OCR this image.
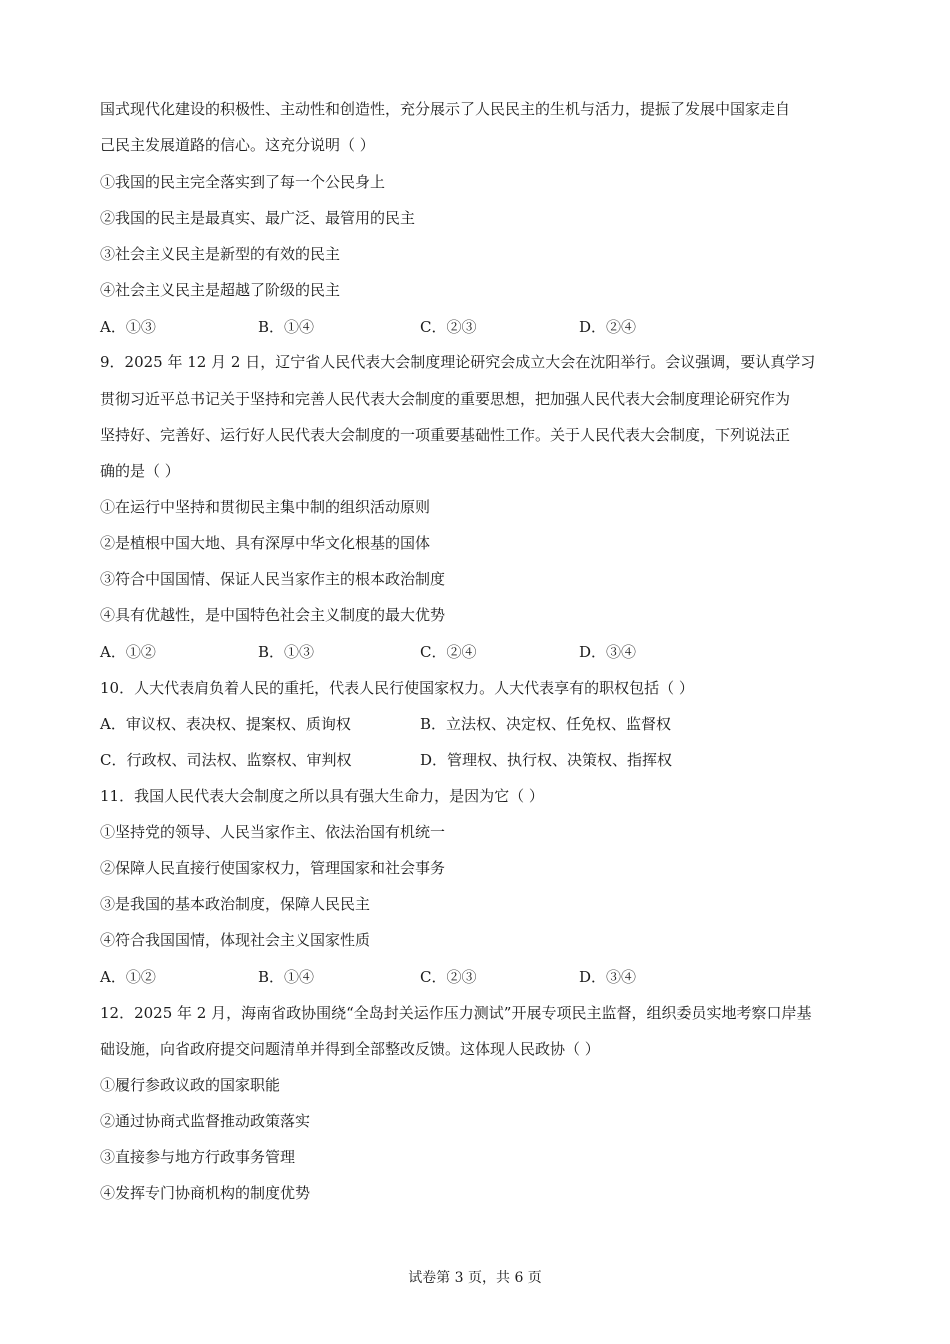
国式现代化建设的积极性、主动性和创造性，充分展示了人民民主的生机与活力，提振了发展中国家走自
己民主发展道路的信心。这充分说明（ ）
①我国的民主完全落实到了每一个公民身上
②我国的民主是最真实、最广泛、最管用的民主
③社会主义民主是新型的有效的民主
④社会主义民主是超越了阶级的民主
A．①③	B．①④	C．②③	D．②④
9．2025 年 12 月 2 日，辽宁省人民代表大会制度理论研究会成立大会在沈阳举行。会议强调，要认真学习
贯彻习近平总书记关于坚持和完善人民代表大会制度的重要思想，把加强人民代表大会制度理论研究作为
坚持好、完善好、运行好人民代表大会制度的一项重要基础性工作。关于人民代表大会制度，下列说法正
确的是（ ）
①在运行中坚持和贯彻民主集中制的组织活动原则
②是植根中国大地、具有深厚中华文化根基的国体
③符合中国国情、保证人民当家作主的根本政治制度
④具有优越性，是中国特色社会主义制度的最大优势
A．①②	B．①③	C．②④	D．③④
10．人大代表肩负着人民的重托，代表人民行使国家权力。人大代表享有的职权包括（ ）
A．审议权、表决权、提案权、质询权	B．立法权、决定权、任免权、监督权
C．行政权、司法权、监察权、审判权	D．管理权、执行权、决策权、指挥权
11．我国人民代表大会制度之所以具有强大生命力，是因为它（ ）
①坚持党的领导、人民当家作主、依法治国有机统一
②保障人民直接行使国家权力，管理国家和社会事务
③是我国的基本政治制度，保障人民民主
④符合我国国情，体现社会主义国家性质
A．①②	B．①④	C．②③	D．③④
12．2025 年 2 月，海南省政协围绕“全岛封关运作压力测试”开展专项民主监督，组织委员实地考察口岸基
础设施，向省政府提交问题清单并得到全部整改反馈。这体现人民政协（ ）
①履行参政议政的国家职能
②通过协商式监督推动政策落实
③直接参与地方行政事务管理
④发挥专门协商机构的制度优势
试卷第 3 页，共 6 页
